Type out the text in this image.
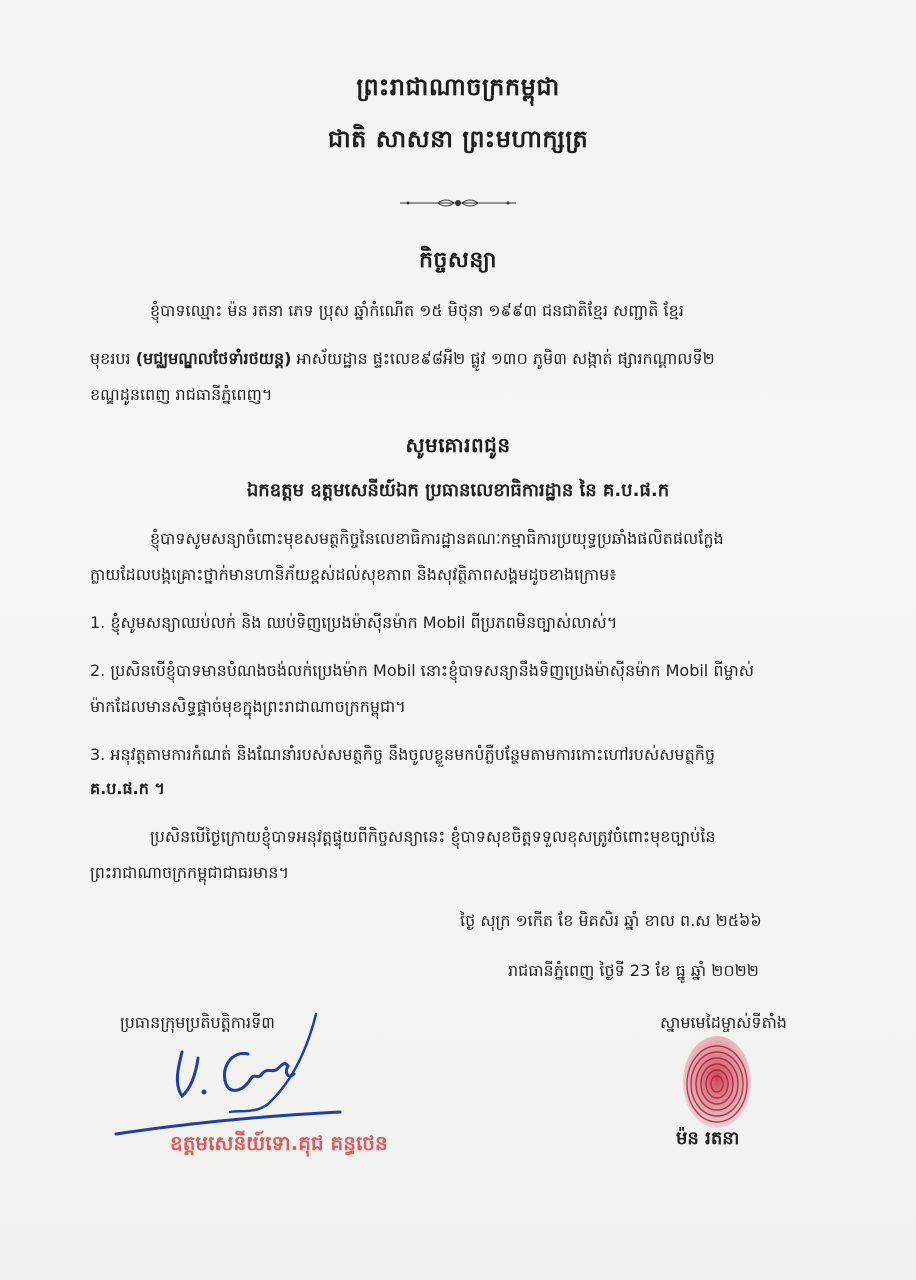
ព្រះរាជាណាចក្រកម្ពុជា
ជាតិ សាសនា ព្រះមហាក្សត្រ
កិច្ចសន្យា
ខ្ញុំបាទឈ្មោះ ម៉ន រតនា ភេទ ប្រុស ឆ្នាំកំណើត ១៥ មិថុនា ១៩៩៣ ជនជាតិខ្មែរ សញ្ជាតិ ខ្មែរ
មុខរបរ (មជ្ឈមណ្ឌលថែទាំរថយន្ត) អាស័យដ្ឋាន ផ្ទះលេខ៩៨អឺ២ ផ្លូវ ១៣០ ភូមិ៣ សង្កាត់ ផ្សារកណ្តាលទី២
ខណ្ឌដូនពេញ រាជធានីភ្នំពេញ។
សូមគោរពជូន
ឯកឧត្តម ឧត្តមសេនីយ៍ឯក ប្រធានលេខាធិការដ្ឋាន នៃ គ.ប.ផ.ក
ខ្ញុំបាទសូមសន្យាចំពោះមុខសមត្ថកិច្ចនៃលេខាធិការដ្ឋានគណៈកម្មាធិការប្រយុទ្ធប្រឆាំងផលិតផលក្លែង
ក្លាយដែលបង្កគ្រោះថ្នាក់មានហានិភ័យខ្ពស់ដល់សុខភាព និងសុវត្ថិភាពសង្គមដូចខាងក្រោម៖
1. ខ្ញុំសូមសន្យាឈប់លក់ និង ឈប់ទិញប្រេងម៉ាស៊ីនម៉ាក Mobil ពីប្រភពមិនច្បាស់លាស់។
2. ប្រសិនបើខ្ញុំបាទមានបំណងចង់លក់ប្រេងម៉ាក Mobil នោះខ្ញុំបាទសន្យានឹងទិញប្រេងម៉ាស៊ីនម៉ាក Mobil ពីម្ចាស់
ម៉ាកដែលមានសិទ្ធផ្តាច់មុខក្នុងព្រះរាជាណាចក្រកម្ពុជា។
3. អនុវត្តតាមការកំណត់ និងណែនាំរបស់សមត្ថកិច្ច នឹងចូលខ្លួនមកបំភ្លឺបន្ថែមតាមការកោះហៅរបស់សមត្ថកិច្ច
គ.ប.ផ.ក ។
ប្រសិនបើថ្ងៃក្រោយខ្ញុំបាទអនុវត្តផ្ទុយពីកិច្ចសន្យានេះ ខ្ញុំបាទសុខចិត្តទទួលខុសត្រូវចំពោះមុខច្បាប់នៃ
ព្រះរាជាណាចក្រកម្ពុជាជាធរមាន។
ថ្ងៃ សុក្រ ១កើត ខែ មិគសិរ ឆ្នាំ ខាល ព.ស ២៥៦៦
រាជធានីភ្នំពេញ ថ្ងៃទី 23 ខែ ធ្នូ ឆ្នាំ ២០២២
ប្រធានក្រុមប្រតិបត្តិការទី៣
ឧត្តមសេនីយ៍ទោ.គុជ គន្ធថេន
ស្នាមមេដៃម្ចាស់ទីតាំង
ម៉ន រតនា
